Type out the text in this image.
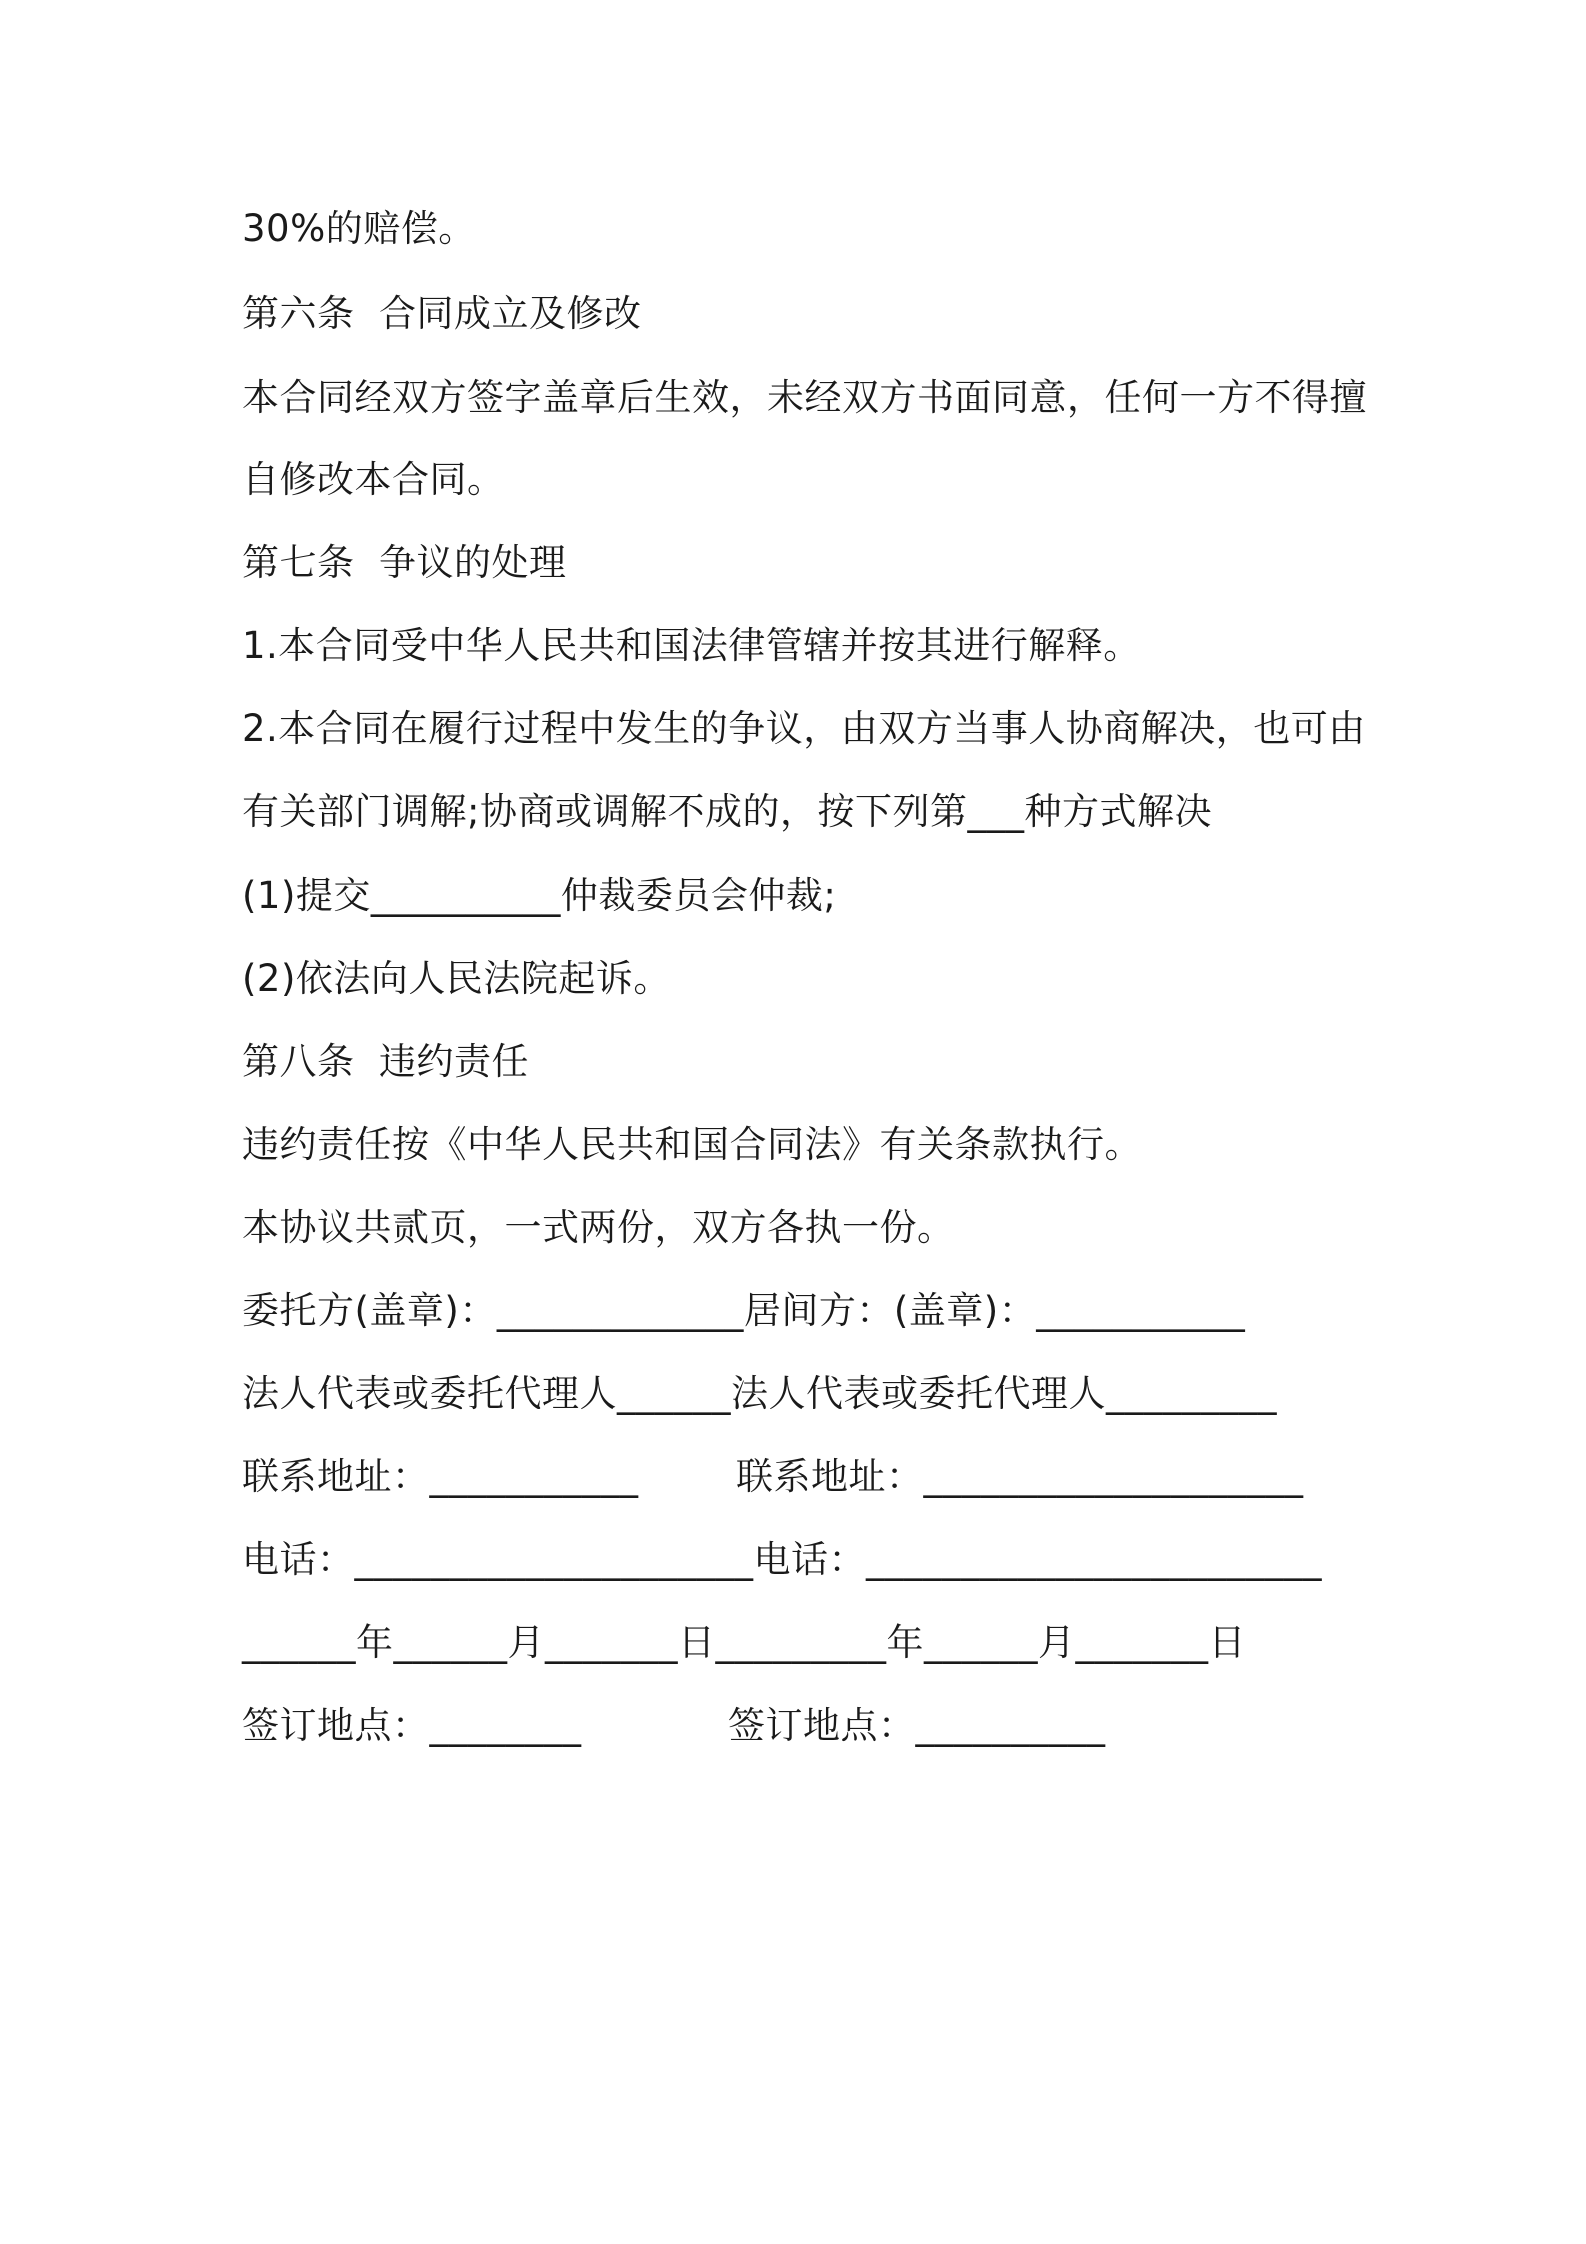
30%的赔偿。
第六条  合同成立及修改
本合同经双方签字盖章后生效，未经双方书面同意，任何一方不得擅
自修改本合同。
第七条  争议的处理
1.本合同受中华人民共和国法律管辖并按其进行解释。
2.本合同在履行过程中发生的争议，由双方当事人协商解决，也可由
有关部门调解;协商或调解不成的，按下列第___种方式解决
(1)提交__________仲裁委员会仲裁;
(2)依法向人民法院起诉。
第八条  违约责任
违约责任按《中华人民共和国合同法》有关条款执行。
本协议共贰页，一式两份，双方各执一份。
委托方(盖章)：_____________居间方：(盖章)：___________
法人代表或委托代理人______法人代表或委托代理人_________
联系地址：___________	联系地址：____________________
电话：_____________________电话：________________________
______年______月_______日_________年______月_______日
签订地点：________	签订地点：__________
